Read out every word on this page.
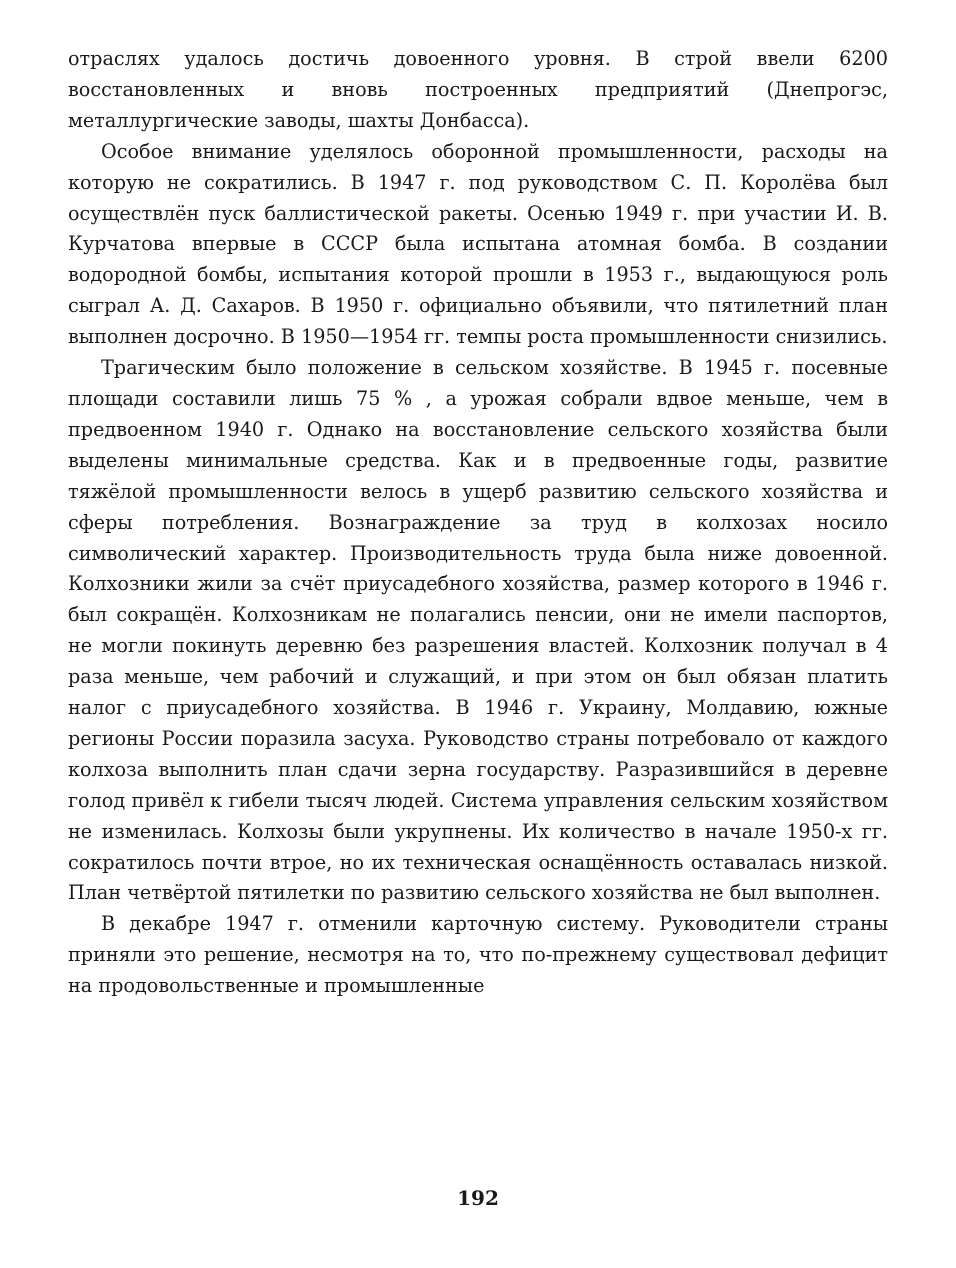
отраслях удалось достичь довоенного уровня. В строй ввели 6200 восстановленных и вновь построенных предприятий (Днепрогэс, металлургические заводы, шахты Донбасса).

Особое внимание уделялось оборонной промышленности, расходы на которую не сократились. В 1947 г. под руководством С. П. Королёва был осуществлён пуск баллистической ракеты. Осенью 1949 г. при участии И. В. Курчатова впервые в СССР была испытана атомная бомба. В создании водородной бомбы, испытания которой прошли в 1953 г., выдающуюся роль сыграл А. Д. Сахаров. В 1950 г. официально объявили, что пятилетний план выполнен досрочно. В 1950—1954 гг. темпы роста промышленности снизились.

Трагическим было положение в сельском хозяйстве. В 1945 г. посевные площади составили лишь 75 % , а урожая собрали вдвое меньше, чем в предвоенном 1940 г. Однако на восстановление сельского хозяйства были выделены минимальные средства. Как и в предвоенные годы, развитие тяжёлой промышленности велось в ущерб развитию сельского хозяйства и сферы потребления. Вознаграждение за труд в колхозах носило символический характер. Производительность труда была ниже довоенной. Колхозники жили за счёт приусадебного хозяйства, размер которого в 1946 г. был сокращён. Колхозникам не полагались пенсии, они не имели паспортов, не могли покинуть деревню без разрешения властей. Колхозник получал в 4 раза меньше, чем рабочий и служащий, и при этом он был обязан платить налог с приусадебного хозяйства. В 1946 г. Украину, Молдавию, южные регионы России поразила засуха. Руководство страны потребовало от каждого колхоза выполнить план сдачи зерна государству. Разразившийся в деревне голод привёл к гибели тысяч людей. Система управления сельским хозяйством не изменилась. Колхозы были укрупнены. Их количество в начале 1950-х гг. сократилось почти втрое, но их техническая оснащённость оставалась низкой. План четвёртой пятилетки по развитию сельского хозяйства не был выполнен.

В декабре 1947 г. отменили карточную систему. Руководители страны приняли это решение, несмотря на то, что по-прежнему существовал дефицит на продовольственные и промышленные

192
